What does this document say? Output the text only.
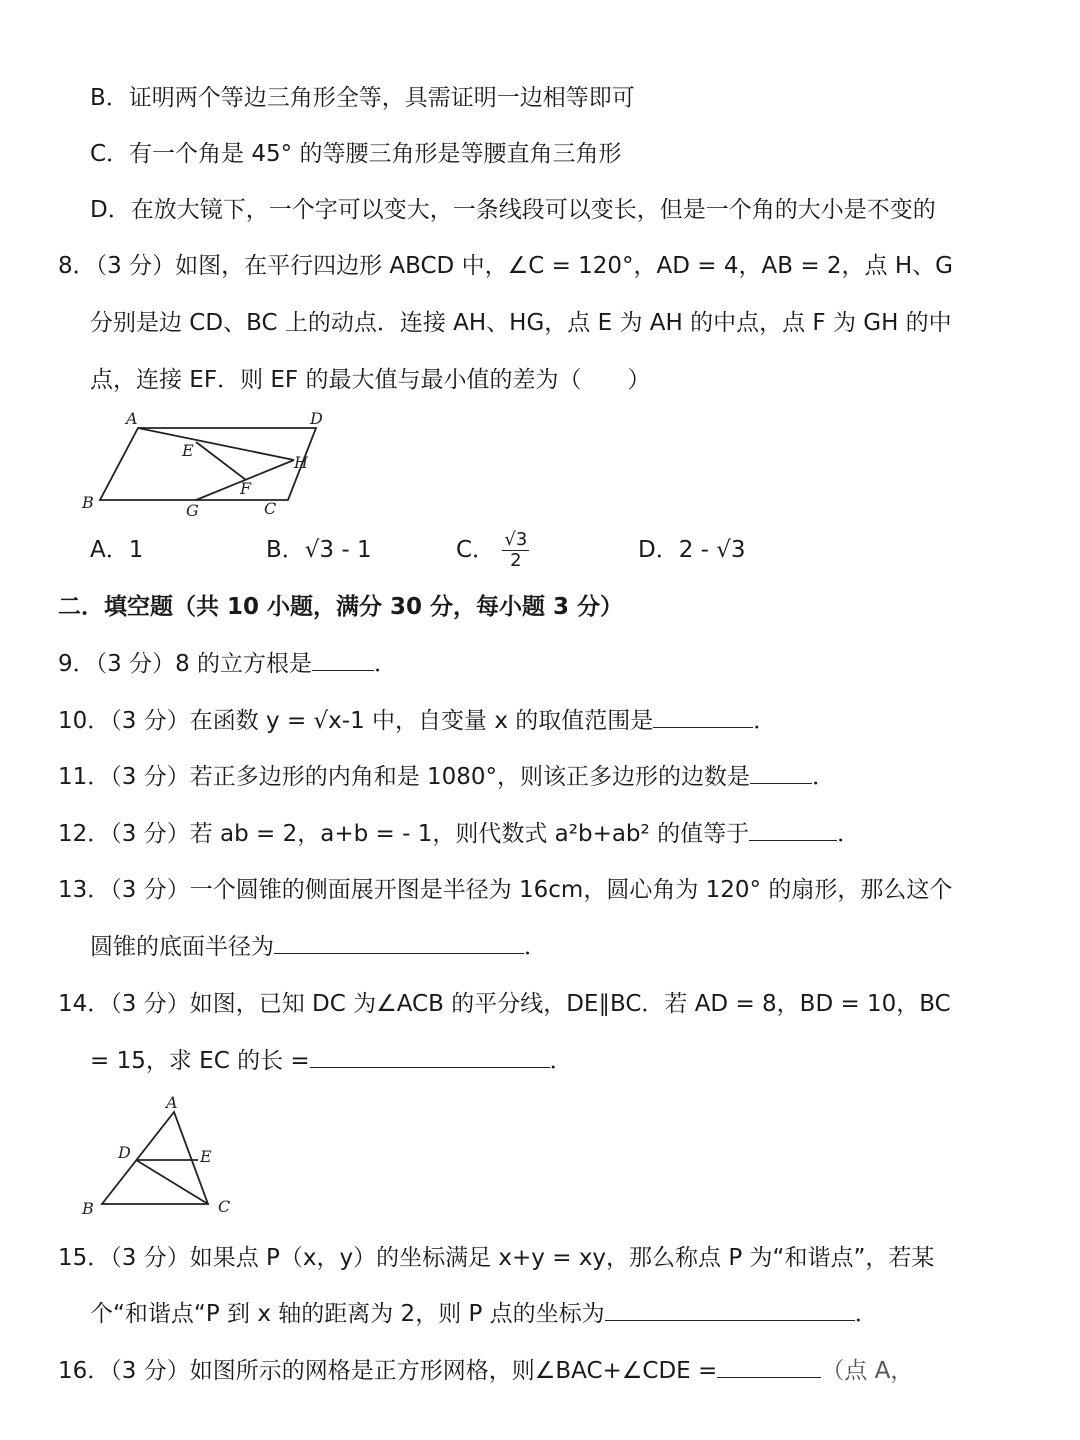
B．证明两个等边三角形全等，具需证明一边相等即可
C．有一个角是 45° 的等腰三角形是等腰直角三角形
D．在放大镜下，一个字可以变大，一条线段可以变长，但是一个角的大小是不变的
8．（3 分）如图，在平行四边形 ABCD 中，∠C = 120°，AD = 4，AB = 2，点 H、G
分别是边 CD、BC 上的动点．连接 AH、HG，点 E 为 AH 的中点，点 F 为 GH 的中
点，连接 EF．则 EF 的最大值与最小值的差为（　　）
A	D
E
H
B
F
G	C
A．1	B．√3 - 1	C． $\frac{√3}{2}$	D．2 - √3
二．填空题（共 10 小题，满分 30 分，每小题 3 分）
9．（3 分）8 的立方根是	．
10．（3 分）在函数 y = √x-1 中，自变量 x 的取值范围是	．
11．（3 分）若正多边形的内角和是 1080°，则该正多边形的边数是	．
12．（3 分）若 ab = 2，a+b = - 1，则代数式 a²b+ab² 的值等于	．
13．（3 分）一个圆锥的侧面展开图是半径为 16cm，圆心角为 120° 的扇形，那么这个
圆锥的底面半径为	．
14．（3 分）如图，已知 DC 为∠ACB 的平分线，DE∥BC．若 AD = 8，BD = 10，BC
= 15，求 EC 的长 =	．
A
D	E
B	C
15．（3 分）如果点 P（x，y）的坐标满足 x+y = xy，那么称点 P 为“和谐点”，若某
个“和谐点“P 到 x 轴的距离为 2，则 P 点的坐标为	．
16．（3 分）如图所示的网格是正方形网格，则∠BAC+∠CDE =	（点 A，
